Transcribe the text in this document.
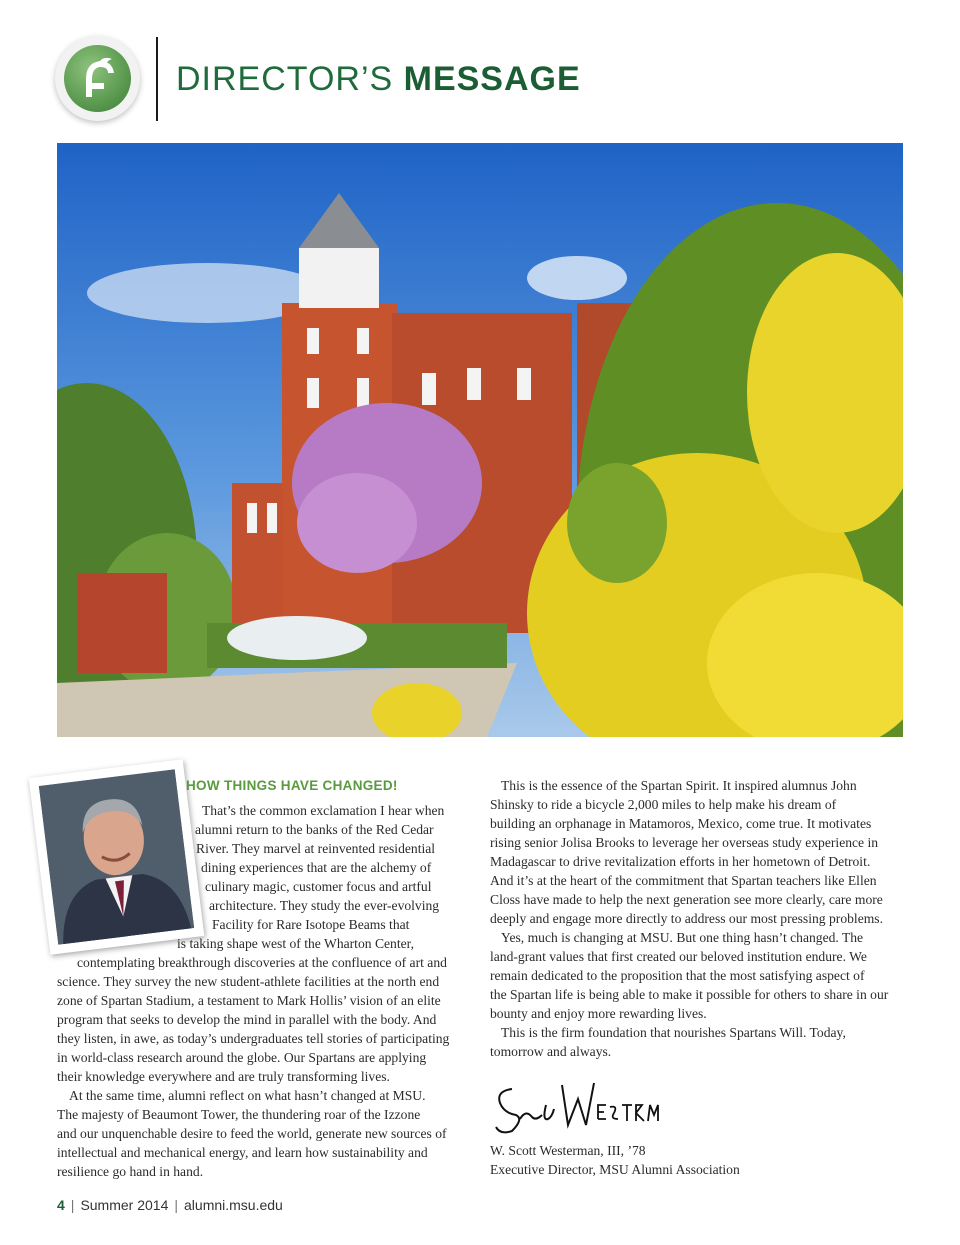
DIRECTOR’S MESSAGE
HOW THINGS HAVE CHANGED!
That’s the common exclamation I hear when
alumni return to the banks of the Red Cedar
River. They marvel at reinvented residential
dining experiences that are the alchemy of
culinary magic, customer focus and artful
architecture. They study the ever-evolving
Facility for Rare Isotope Beams that
is taking shape west of the Wharton Center,
contemplating breakthrough discoveries at the confluence of art and
science. They survey the new student-athlete facilities at the north end
zone of Spartan Stadium, a testament to Mark Hollis’ vision of an elite
program that seeks to develop the mind in parallel with the body. And
they listen, in awe, as today’s undergraduates tell stories of participating
in world-class research around the globe. Our Spartans are applying
their knowledge everywhere and are truly transforming lives.
At the same time, alumni reflect on what hasn’t changed at MSU.
The majesty of Beaumont Tower, the thundering roar of the Izzone
and our unquenchable desire to feed the world, generate new sources of
intellectual and mechanical energy, and learn how sustainability and
resilience go hand in hand.
This is the essence of the Spartan Spirit. It inspired alumnus John
Shinsky to ride a bicycle 2,000 miles to help make his dream of
building an orphanage in Matamoros, Mexico, come true. It motivates
rising senior Jolisa Brooks to leverage her overseas study experience in
Madagascar to drive revitalization efforts in her hometown of Detroit.
And it’s at the heart of the commitment that Spartan teachers like Ellen
Closs have made to help the next generation see more clearly, care more
deeply and engage more directly to address our most pressing problems.
Yes, much is changing at MSU. But one thing hasn’t changed. The
land-grant values that first created our beloved institution endure. We
remain dedicated to the proposition that the most satisfying aspect of
the Spartan life is being able to make it possible for others to share in our
bounty and enjoy more rewarding lives.
This is the firm foundation that nourishes Spartans Will. Today,
tomorrow and always.
W. Scott Westerman, III, ’78
Executive Director, MSU Alumni Association
4 | Summer 2014 | alumni.msu.edu
